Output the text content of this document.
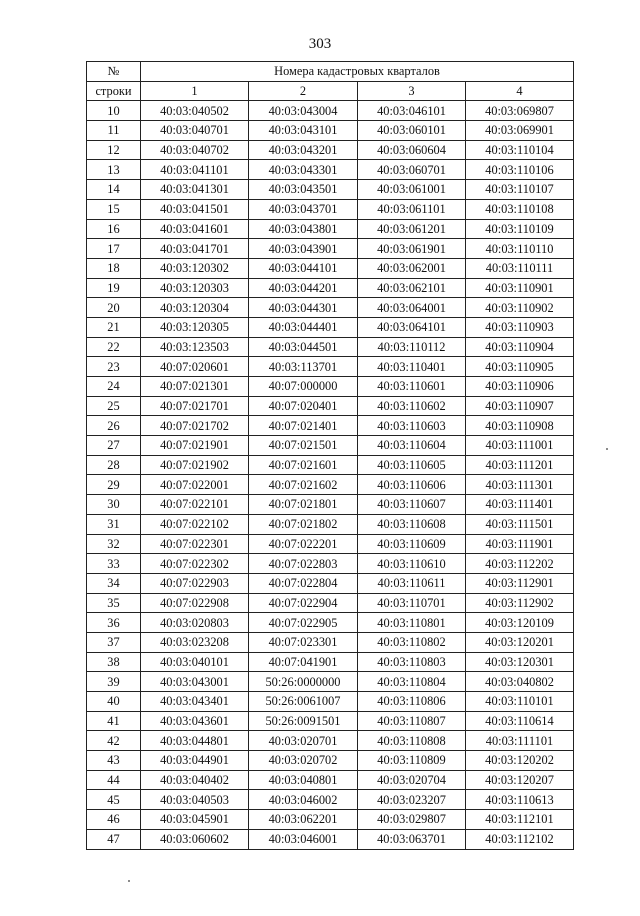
303
№	Номера кадастровых кварталов			
строки	1	2	3	4
10	40:03:040502	40:03:043004	40:03:046101	40:03:069807
11	40:03:040701	40:03:043101	40:03:060101	40:03:069901
12	40:03:040702	40:03:043201	40:03:060604	40:03:110104
13	40:03:041101	40:03:043301	40:03:060701	40:03:110106
14	40:03:041301	40:03:043501	40:03:061001	40:03:110107
15	40:03:041501	40:03:043701	40:03:061101	40:03:110108
16	40:03:041601	40:03:043801	40:03:061201	40:03:110109
17	40:03:041701	40:03:043901	40:03:061901	40:03:110110
18	40:03:120302	40:03:044101	40:03:062001	40:03:110111
19	40:03:120303	40:03:044201	40:03:062101	40:03:110901
20	40:03:120304	40:03:044301	40:03:064001	40:03:110902
21	40:03:120305	40:03:044401	40:03:064101	40:03:110903
22	40:03:123503	40:03:044501	40:03:110112	40:03:110904
23	40:07:020601	40:03:113701	40:03:110401	40:03:110905
24	40:07:021301	40:07:000000	40:03:110601	40:03:110906
25	40:07:021701	40:07:020401	40:03:110602	40:03:110907
26	40:07:021702	40:07:021401	40:03:110603	40:03:110908
27	40:07:021901	40:07:021501	40:03:110604	40:03:111001
28	40:07:021902	40:07:021601	40:03:110605	40:03:111201
29	40:07:022001	40:07:021602	40:03:110606	40:03:111301
30	40:07:022101	40:07:021801	40:03:110607	40:03:111401
31	40:07:022102	40:07:021802	40:03:110608	40:03:111501
32	40:07:022301	40:07:022201	40:03:110609	40:03:111901
33	40:07:022302	40:07:022803	40:03:110610	40:03:112202
34	40:07:022903	40:07:022804	40:03:110611	40:03:112901
35	40:07:022908	40:07:022904	40:03:110701	40:03:112902
36	40:03:020803	40:07:022905	40:03:110801	40:03:120109
37	40:03:023208	40:07:023301	40:03:110802	40:03:120201
38	40:03:040101	40:07:041901	40:03:110803	40:03:120301
39	40:03:043001	50:26:0000000	40:03:110804	40:03:040802
40	40:03:043401	50:26:0061007	40:03:110806	40:03:110101
41	40:03:043601	50:26:0091501	40:03:110807	40:03:110614
42	40:03:044801	40:03:020701	40:03:110808	40:03:111101
43	40:03:044901	40:03:020702	40:03:110809	40:03:120202
44	40:03:040402	40:03:040801	40:03:020704	40:03:120207
45	40:03:040503	40:03:046002	40:03:023207	40:03:110613
46	40:03:045901	40:03:062201	40:03:029807	40:03:112101
47	40:03:060602	40:03:046001	40:03:063701	40:03:112102
